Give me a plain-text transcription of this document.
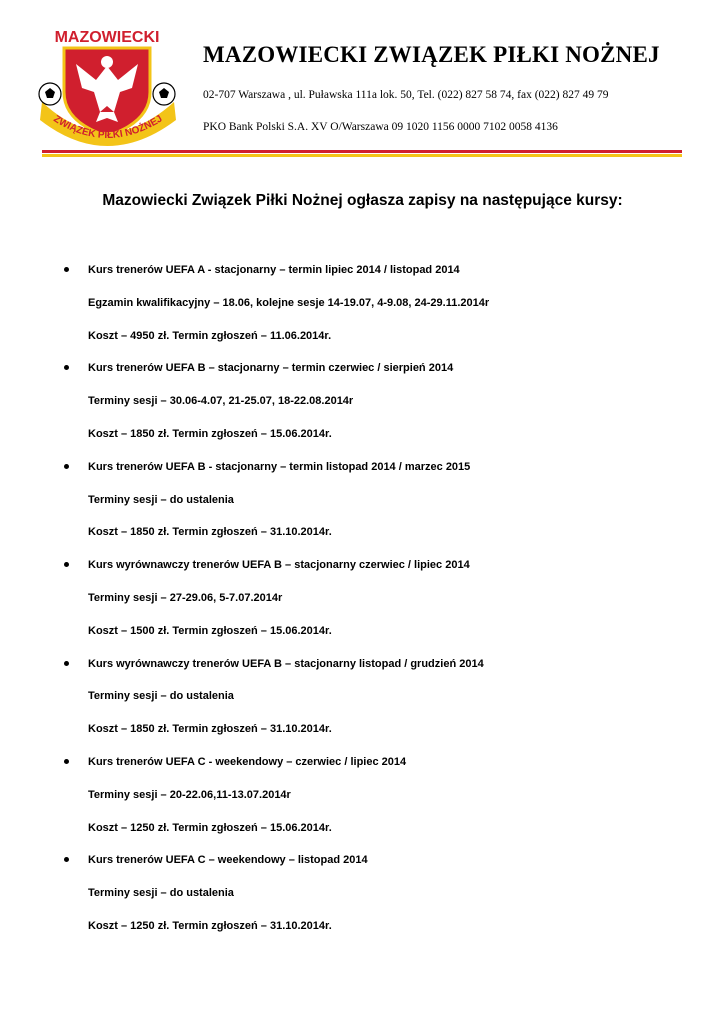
MAZOWIECKI
ZWIĄZEK PIŁKI NOŻNEJ
MAZOWIECKI ZWIĄZEK PIŁKI NOŻNEJ
02-707 Warszawa , ul. Puławska 111a lok. 50, Tel. (022) 827 58 74, fax (022) 827 49 79
PKO Bank Polski S.A. XV O/Warszawa 09 1020 1156 0000 7102 0058 4136
Mazowiecki Związek Piłki Nożnej ogłasza zapisy na następujące kursy:
Kurs trenerów UEFA A - stacjonarny – termin lipiec 2014 / listopad 2014
Egzamin kwalifikacyjny – 18.06, kolejne sesje 14-19.07, 4-9.08, 24-29.11.2014r
Koszt – 4950 zł. Termin zgłoszeń – 11.06.2014r.
Kurs trenerów UEFA B – stacjonarny – termin czerwiec / sierpień 2014
Terminy sesji – 30.06-4.07, 21-25.07, 18-22.08.2014r
Koszt – 1850 zł. Termin zgłoszeń – 15.06.2014r.
Kurs trenerów UEFA B - stacjonarny – termin listopad 2014 / marzec 2015
Terminy sesji – do ustalenia
Koszt – 1850 zł. Termin zgłoszeń – 31.10.2014r.
Kurs wyrównawczy trenerów UEFA B – stacjonarny czerwiec / lipiec 2014
Terminy sesji – 27-29.06, 5-7.07.2014r
Koszt – 1500 zł. Termin zgłoszeń – 15.06.2014r.
Kurs wyrównawczy trenerów UEFA B – stacjonarny listopad / grudzień 2014
Terminy sesji – do ustalenia
Koszt – 1850 zł. Termin zgłoszeń – 31.10.2014r.
Kurs trenerów UEFA C - weekendowy – czerwiec / lipiec 2014
Terminy sesji – 20-22.06,11-13.07.2014r
Koszt – 1250 zł. Termin zgłoszeń – 15.06.2014r.
Kurs trenerów UEFA C – weekendowy – listopad 2014
Terminy sesji – do ustalenia
Koszt – 1250 zł. Termin zgłoszeń – 31.10.2014r.
